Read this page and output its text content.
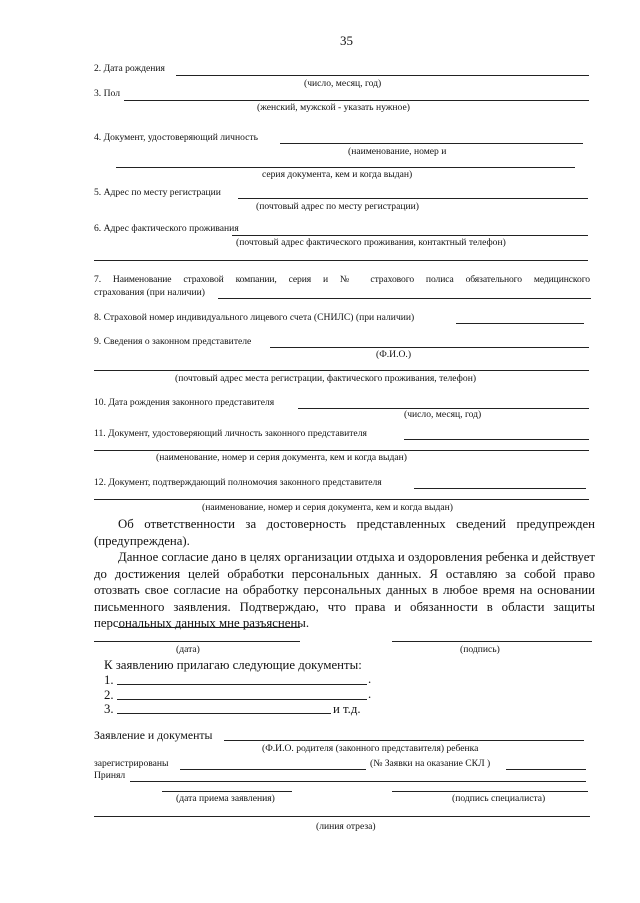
35
2. Дата рождения
(число, месяц, год)
3. Пол
(женский, мужской - указать нужное)
4. Документ, удостоверяющий личность
(наименование, номер и
серия документа, кем и когда выдан)
5. Адрес по месту регистрации
(почтовый адрес по месту регистрации)
6. Адрес фактического проживания
(почтовый адрес фактического проживания, контактный телефон)
7. Наименование страховой компании, серия и № страхового полиса обязательного медицинского
страхования (при наличии)
8. Страховой номер индивидуального лицевого счета (СНИЛС) (при наличии)
9. Сведения о законном представителе
(Ф.И.О.)
(почтовый адрес места регистрации, фактического проживания, телефон)
10. Дата рождения законного представителя
(число, месяц, год)
11. Документ, удостоверяющий личность законного представителя
(наименование, номер и серия документа, кем и когда выдан)
12. Документ, подтверждающий полномочия законного представителя
(наименование, номер и серия документа, кем и когда выдан)
Об ответственности за достоверность представленных сведений предупрежден (предупреждена).
Данное согласие дано в целях организации отдыха и оздоровления ребенка и действует до достижения целей обработки персональных данных. Я оставляю за собой право отозвать свое согласие на обработку персональных данных в любое время на основании письменного заявления. Подтверждаю, что права и обязанности в области защиты персональных данных мне разъяснены.
(дата)	(подпись)
К заявлению прилагаю следующие документы:
1.	.
2.	.
3.	и т.д.
Заявление и документы
(Ф.И.О. родителя (законного представителя) ребенка
зарегистрированы	(№ Заявки на оказание СКЛ )
Принял
(дата приема заявления)	(подпись специалиста)
(линия отреза)
